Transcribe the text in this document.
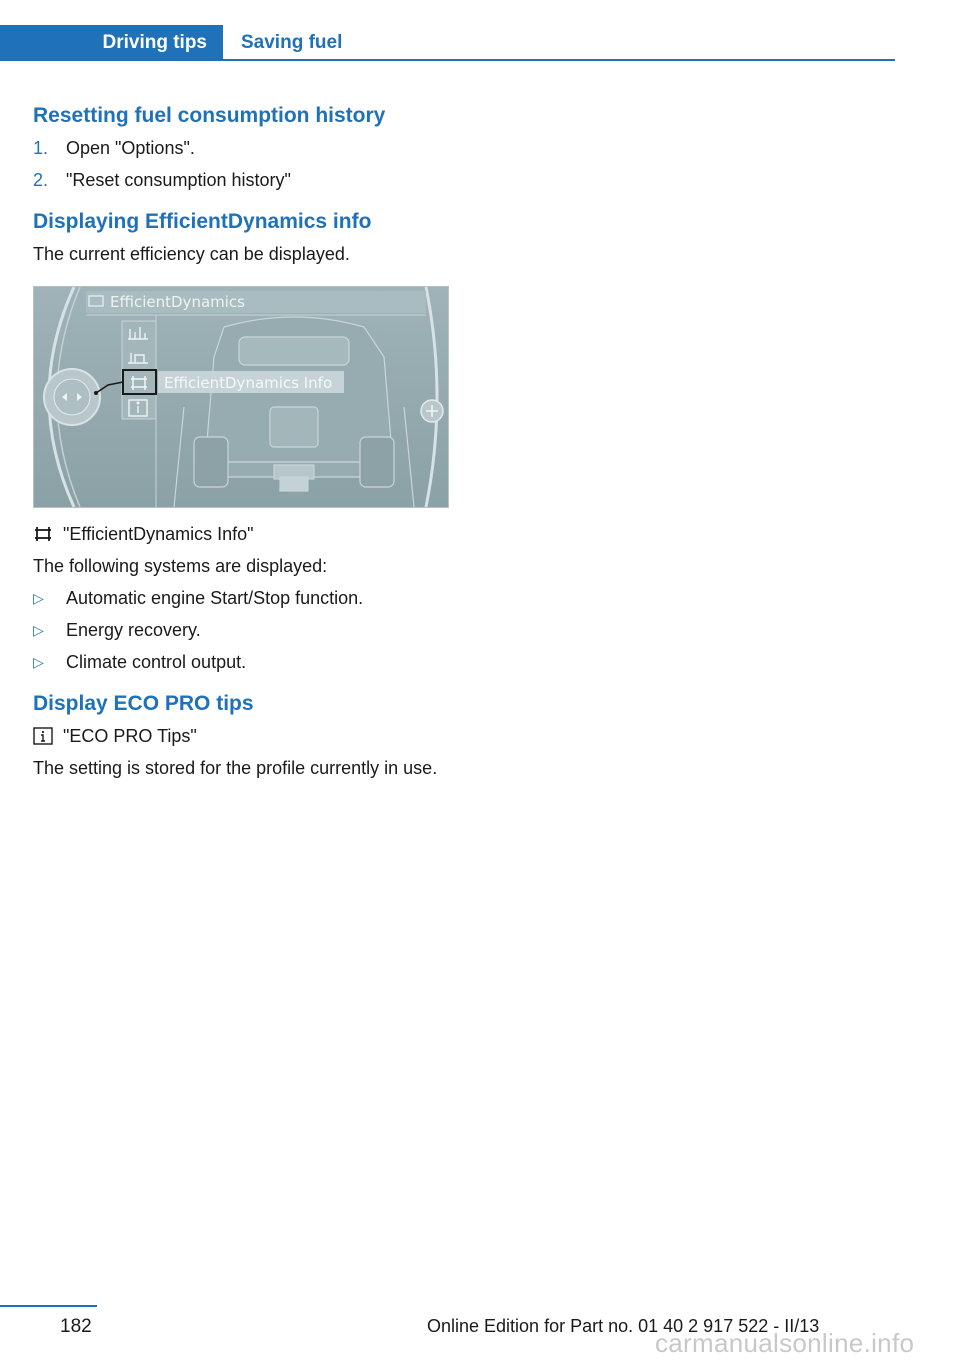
Driving tips	Saving fuel
Resetting fuel consumption history
1. Open "Options".
2. "Reset consumption history"
Displaying EfficientDynamics info

The current efficiency can be displayed.

EfficientDynamics
EfficientDynamics Info
"EfficientDynamics Info"

The following systems are displayed:

▷ Automatic engine Start/Stop function.
▷ Energy recovery.
▷ Climate control output.
Display ECO PRO tips
"ECO PRO Tips"

The setting is stored for the profile currently in use.

182	Online Edition for Part no. 01 40 2 917 522 - II/13
carmanualsonline.info
